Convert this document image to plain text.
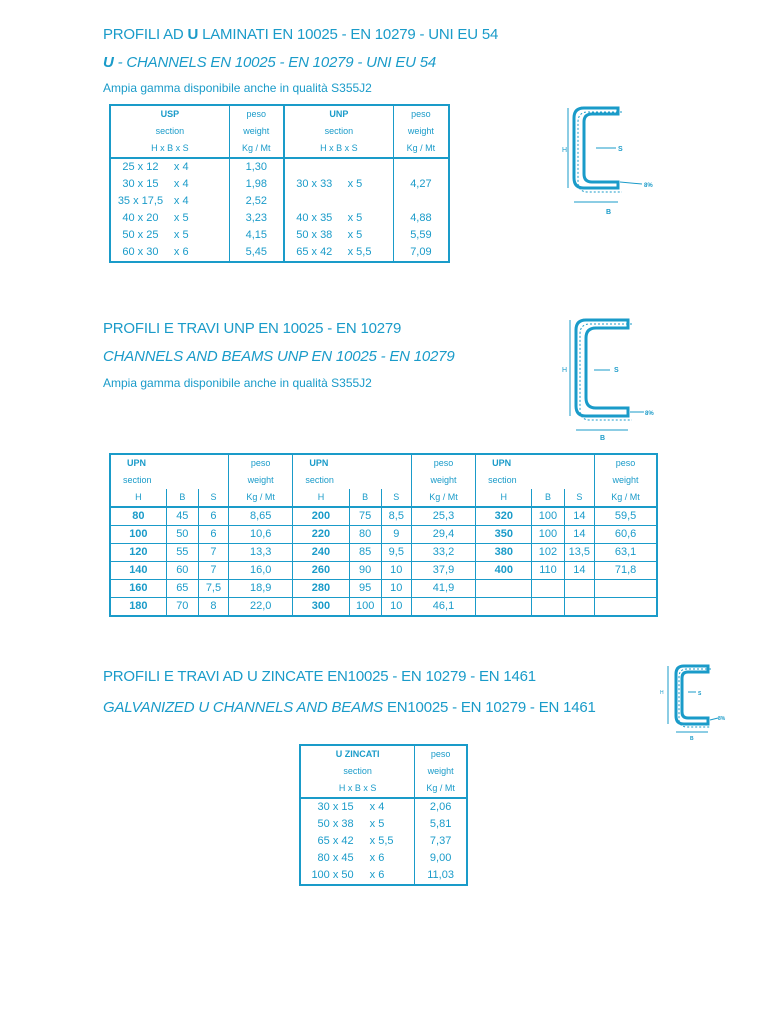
PROFILI AD U LAMINATI EN 10025 - EN 10279 - UNI EU 54
U - CHANNELS EN 10025 - EN 10279 - UNI EU 54
Ampia gamma disponibile anche in qualità S355J2
USP		peso	UNP		peso
section		weight	section		weight
H x B x S		Kg / Mt	H x B x S		Kg / Mt
25 x 12	x 4	1,30			
30 x 15	x 4	1,98	30 x 33	x 5	4,27
35 x 17,5	x 4	2,52			
40 x 20	x 5	3,23	40 x 35	x 5	4,88
50 x 25	x 5	4,15	50 x 38	x 5	5,59
60 x 30	x 6	5,45	65 x 42	x 5,5	7,09
H	S
B
8%
PROFILI E TRAVI UNP EN 10025 - EN 10279
CHANNELS AND BEAMS UNP EN 10025 - EN 10279
Ampia gamma disponibile anche in qualità S355J2
H	S
B
8%
UPN			peso	UPN			peso	UPN			peso
section			weight	section			weight	section			weight
H	B	S	Kg / Mt	H	B	S	Kg / Mt	H	B	S	Kg / Mt
80	45	6	8,65	200	75	8,5	25,3	320	100	14	59,5
100	50	6	10,6	220	80	9	29,4	350	100	14	60,6
120	55	7	13,3	240	85	9,5	33,2	380	102	13,5	63,1
140	60	7	16,0	260	90	10	37,9	400	110	14	71,8
160	65	7,5	18,9	280	95	10	41,9				
180	70	8	22,0	300	100	10	46,1				
PROFILI E TRAVI AD U ZINCATE EN10025 - EN 10279 - EN 1461
GALVANIZED U CHANNELS AND BEAMS EN10025 - EN 10279 - EN 1461
H	S
B
8%
U ZINCATI		peso
section		weight
H x B x S		Kg / Mt
30 x 15	x 4	2,06
50 x 38	x 5	5,81
65 x 42	x 5,5	7,37
80 x 45	x 6	9,00
100 x 50	x 6	11,03
